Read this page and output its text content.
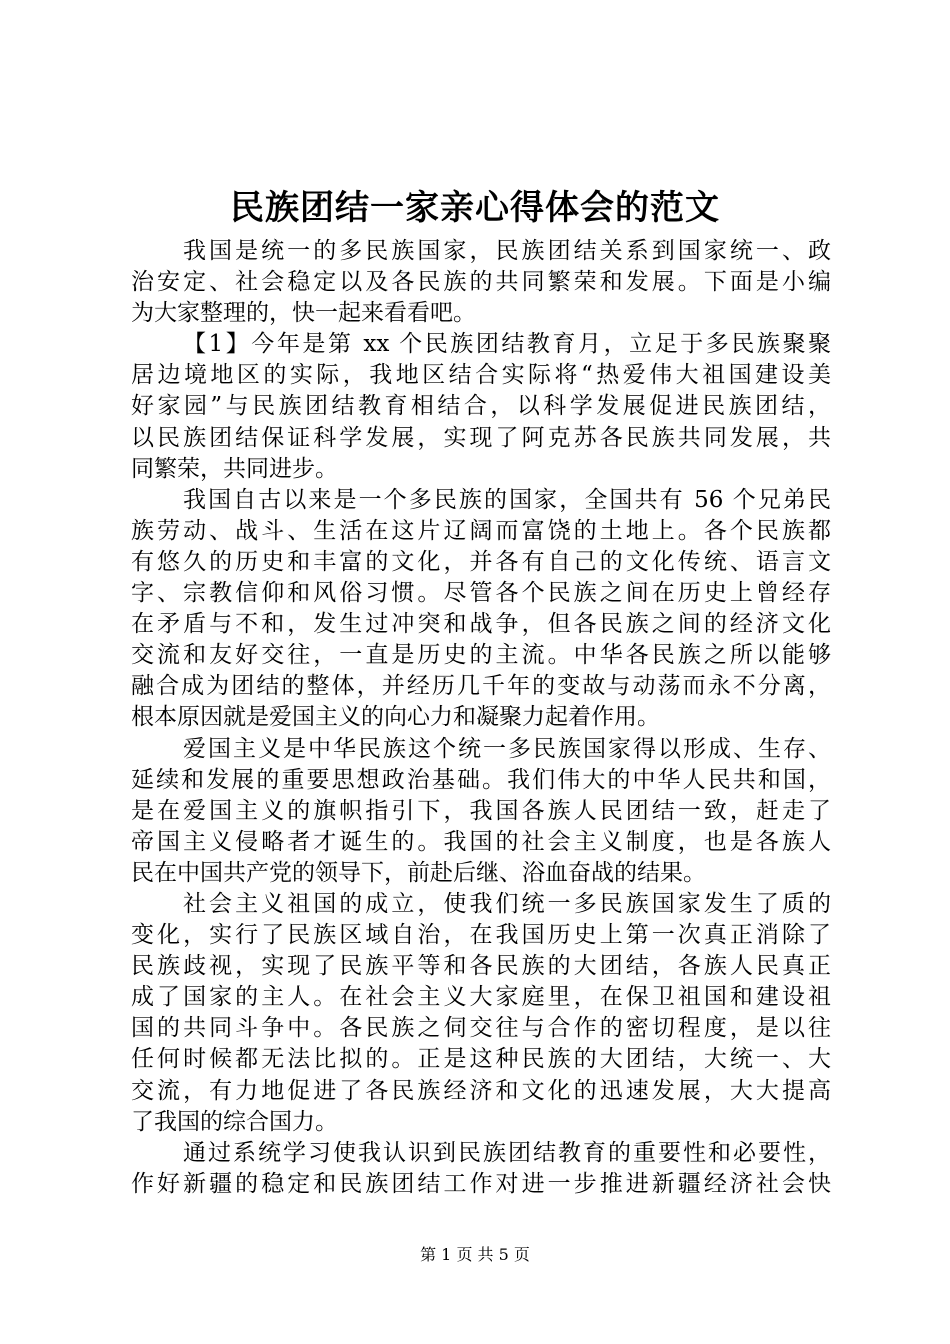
民族团结一家亲心得体会的范文
我国是统一的多民族国家，民族团结关系到国家统一、政
治安定、社会稳定以及各民族的共同繁荣和发展。下面是小编
为大家整理的，快一起来看看吧。
【1】今年是第 xx 个民族团结教育月，立足于多民族聚聚
居边境地区的实际，我地区结合实际将“热爱伟大祖国建设美
好家园”与民族团结教育相结合，以科学发展促进民族团结，
以民族团结保证科学发展，实现了阿克苏各民族共同发展，共
同繁荣，共同进步。
我国自古以来是一个多民族的国家，全国共有 56 个兄弟民
族劳动、战斗、生活在这片辽阔而富饶的土地上。各个民族都
有悠久的历史和丰富的文化，并各有自己的文化传统、语言文
字、宗教信仰和风俗习惯。尽管各个民族之间在历史上曾经存
在矛盾与不和，发生过冲突和战争，但各民族之间的经济文化
交流和友好交往，一直是历史的主流。中华各民族之所以能够
融合成为团结的整体，并经历几千年的变故与动荡而永不分离，
根本原因就是爱国主义的向心力和凝聚力起着作用。
爱国主义是中华民族这个统一多民族国家得以形成、生存、
延续和发展的重要思想政治基础。我们伟大的中华人民共和国，
是在爱国主义的旗帜指引下，我国各族人民团结一致，赶走了
帝国主义侵略者才诞生的。我国的社会主义制度，也是各族人
民在中国共产党的领导下，前赴后继、浴血奋战的结果。
社会主义祖国的成立，使我们统一多民族国家发生了质的
变化，实行了民族区域自治，在我国历史上第一次真正消除了
民族歧视，实现了民族平等和各民族的大团结，各族人民真正
成了国家的主人。在社会主义大家庭里，在保卫祖国和建设祖
国的共同斗争中。各民族之伺交往与合作的密切程度，是以往
任何时候都无法比拟的。正是这种民族的大团结，大统一、大
交流，有力地促进了各民族经济和文化的迅速发展，大大提高
了我国的综合国力。
通过系统学习使我认识到民族团结教育的重要性和必要性，
作好新疆的稳定和民族团结工作对进一步推进新疆经济社会快
第 1 页 共 5 页
